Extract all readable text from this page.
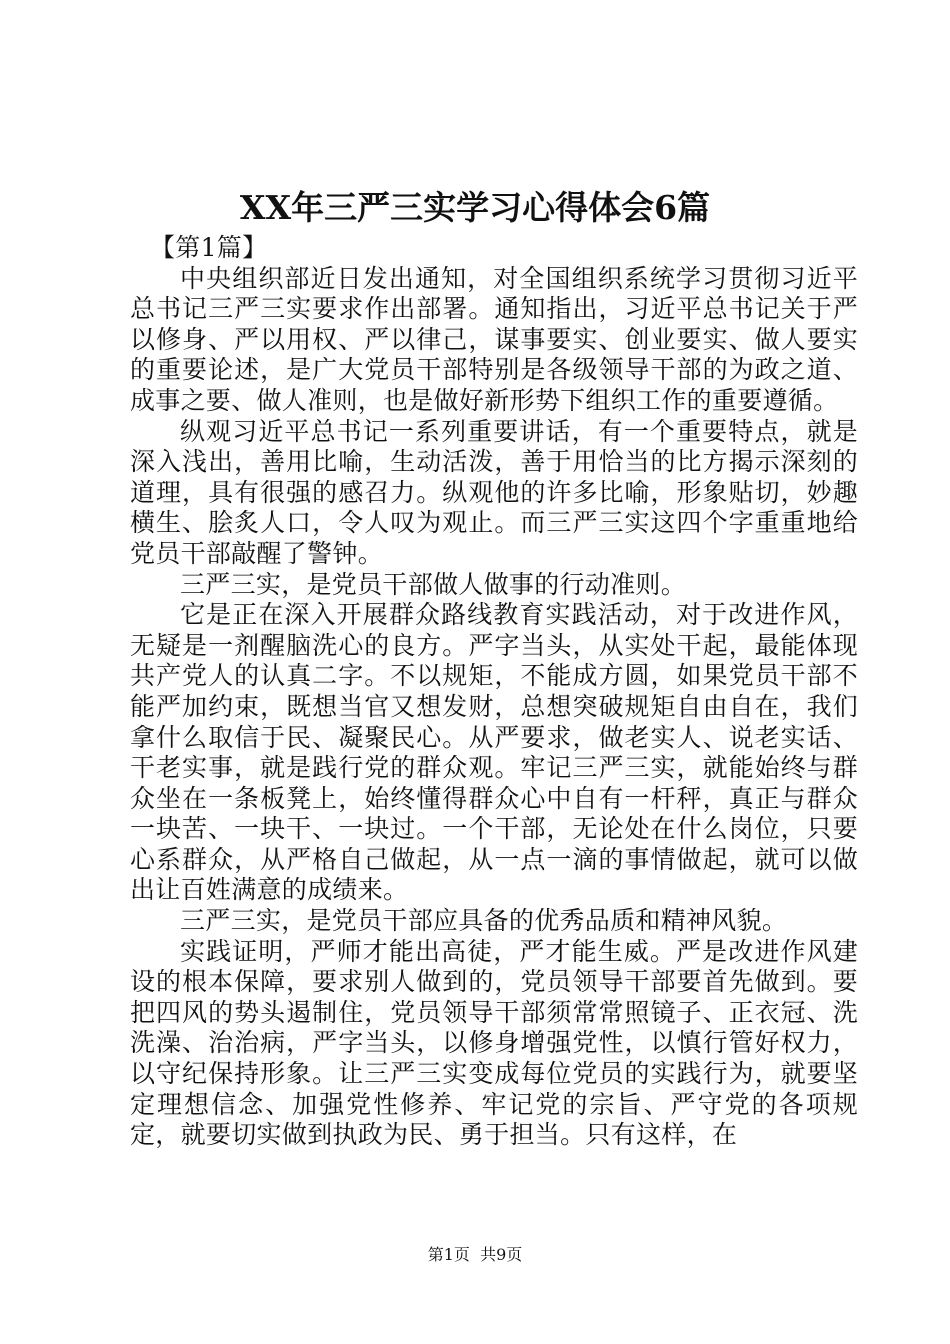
XX年三严三实学习心得体会6篇

【第1篇】

中央组织部近日发出通知，对全国组织系统学习贯彻习近平总书记三严三实要求作出部署。通知指出，习近平总书记关于严以修身、严以用权、严以律己，谋事要实、创业要实、做人要实的重要论述，是广大党员干部特别是各级领导干部的为政之道、成事之要、做人准则，也是做好新形势下组织工作的重要遵循。

纵观习近平总书记一系列重要讲话，有一个重要特点，就是深入浅出，善用比喻，生动活泼，善于用恰当的比方揭示深刻的道理，具有很强的感召力。纵观他的许多比喻，形象贴切，妙趣横生、脍炙人口，令人叹为观止。而三严三实这四个字重重地给党员干部敲醒了警钟。

三严三实，是党员干部做人做事的行动准则。

它是正在深入开展群众路线教育实践活动，对于改进作风，无疑是一剂醒脑洗心的良方。严字当头，从实处干起，最能体现共产党人的认真二字。不以规矩，不能成方圆，如果党员干部不能严加约束，既想当官又想发财，总想突破规矩自由自在，我们拿什么取信于民、凝聚民心。从严要求，做老实人、说老实话、干老实事，就是践行党的群众观。牢记三严三实，就能始终与群众坐在一条板凳上，始终懂得群众心中自有一杆秤，真正与群众一块苦、一块干、一块过。一个干部，无论处在什么岗位，只要心系群众，从严格自己做起，从一点一滴的事情做起，就可以做出让百姓满意的成绩来。

三严三实，是党员干部应具备的优秀品质和精神风貌。

实践证明，严师才能出高徒，严才能生威。严是改进作风建设的根本保障，要求别人做到的，党员领导干部要首先做到。要把四风的势头遏制住，党员领导干部须常常照镜子、正衣冠、洗洗澡、治治病，严字当头，以修身增强党性，以慎行管好权力，以守纪保持形象。让三严三实变成每位党员的实践行为，就要坚定理想信念、加强党性修养、牢记党的宗旨、严守党的各项规定，就要切实做到执政为民、勇于担当。只有这样，在

第1页 共9页
